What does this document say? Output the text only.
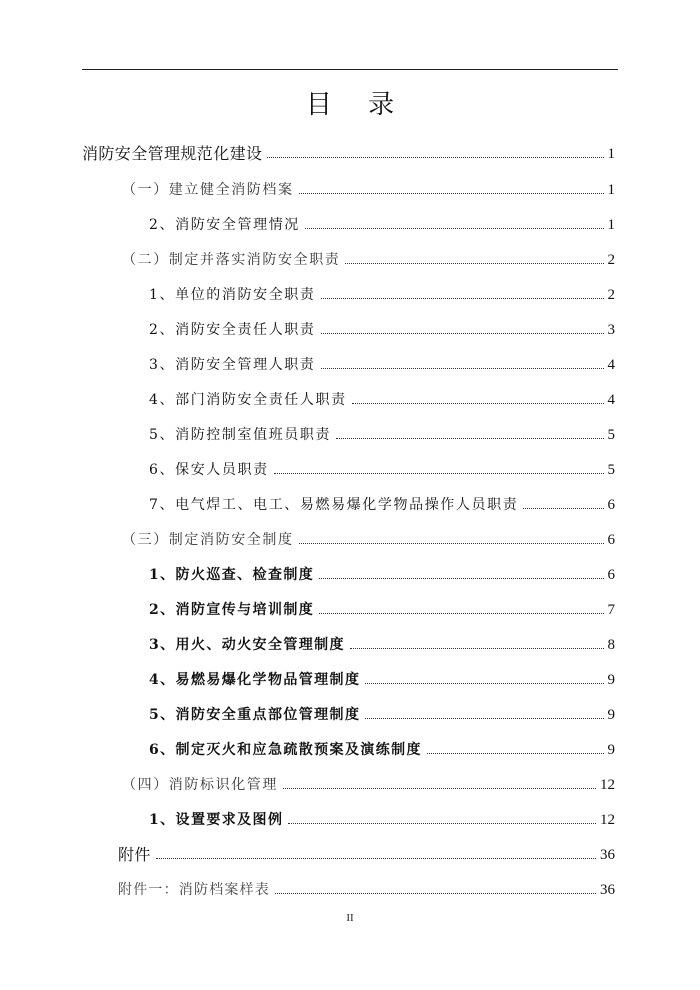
目 录
消防安全管理规范化建设	1
（一）建立健全消防档案	1
2、消防安全管理情况	1
（二）制定并落实消防安全职责	2
1、单位的消防安全职责	2
2、消防安全责任人职责	3
3、消防安全管理人职责	4
4、部门消防安全责任人职责	4
5、消防控制室值班员职责	5
6、保安人员职责	5
7、电气焊工、电工、易燃易爆化学物品操作人员职责	6
（三）制定消防安全制度	6
1、防火巡查、检查制度	6
2、消防宣传与培训制度	7
3、用火、动火安全管理制度	8
4、易燃易爆化学物品管理制度	9
5、消防安全重点部位管理制度	9
6、制定灭火和应急疏散预案及演练制度	9
（四）消防标识化管理	12
1、设置要求及图例	12
附件	36
附件一：消防档案样表	36
II
